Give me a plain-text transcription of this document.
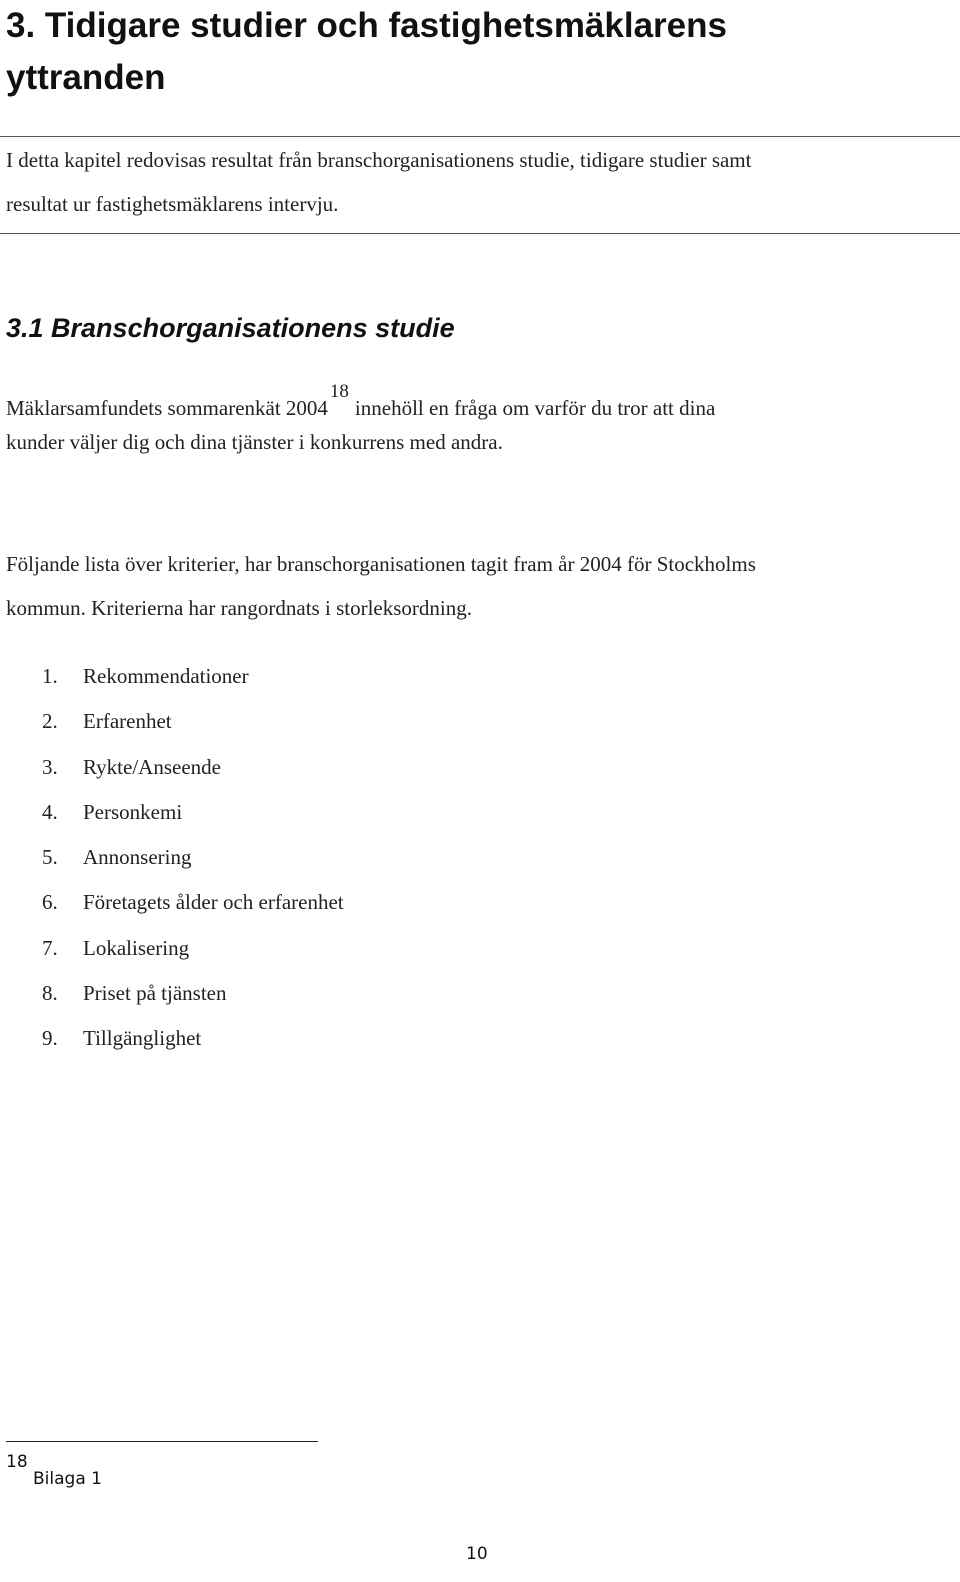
3. Tidigare studier och fastighetsmäklarens
yttranden

I detta kapitel redovisas resultat från branschorganisationens studie, tidigare studier samt
resultat ur fastighetsmäklarens intervju.

3.1 Branschorganisationens studie

Mäklarsamfundets sommarenkät 2004$^{18}$innehöll en fråga om varför du tror att dina
kunder väljer dig och dina tjänster i konkurrens med andra.

Följande lista över kriterier, har branschorganisationen tagit fram år 2004 för Stockholms
kommun. Kriterierna har rangordnats i storleksordning.

1.	Rekommendationer
2.	Erfarenhet
3.	Rykte/Anseende
4.	Personkemi
5.	Annonsering
6.	Företagets ålder och erfarenhet
7.	Lokalisering
8.	Priset på tjänsten
9.	Tillgänglighet
18
Bilaga 1
10
